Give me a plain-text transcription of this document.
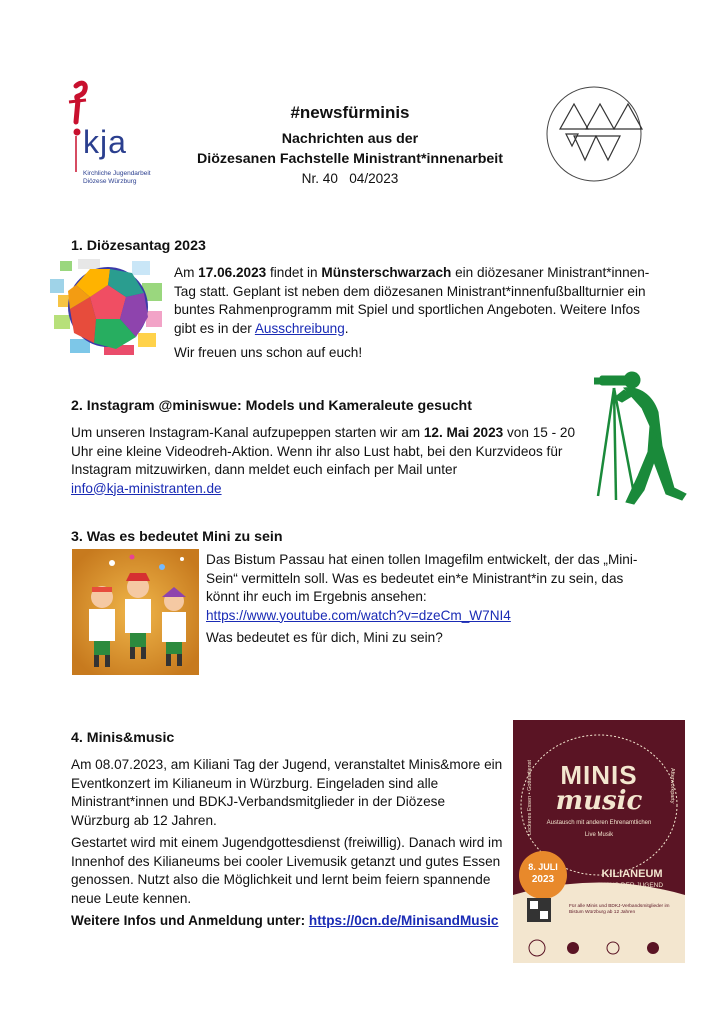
kja
Kirchliche Jugendarbeit
Diözese Würzburg
#newsfürminis
Nachrichten aus der
Diözesanen Fachstelle Ministrant*innenarbeit
Nr. 40   04/2023
1. Diözesantag 2023

Am 17.06.2023 findet in Münsterschwarzach ein diözesaner Ministrant*innen-Tag statt. Geplant ist neben dem diözesanen Ministrant*innenfußballturnier ein buntes Rahmenprogramm mit Spiel und sportlichen Angeboten. Weitere Infos gibt es in der Ausschreibung.

Wir freuen uns schon auf euch!

2. Instagram @miniswue: Models und Kameraleute gesucht

Um unseren Instagram-Kanal aufzupeppen starten wir am 12. Mai 2023 von 15 - 20 Uhr eine kleine Videodreh-Aktion. Wenn ihr also Lust habt, bei den Kurzvideos für Instagram mitzuwirken, dann meldet euch einfach per Mail unter
info@kja-ministranten.de

3. Was es bedeutet Mini zu sein

Das Bistum Passau hat einen tollen Imagefilm entwickelt, der das „Mini-Sein“ vermitteln soll. Was es bedeutet ein*e Ministrant*in zu sein, das könnt ihr euch im Ergebnis ansehen:
https://www.youtube.com/watch?v=dzeCm_W7NI4

Was bedeutet es für dich, Mini zu sein?

4. Minis&music

Am 08.07.2023, am Kiliani Tag der Jugend, veranstaltet Minis&more ein Eventkonzert im Kilianeum in Würzburg. Eingeladen sind alle Ministrant*innen und BDKJ-Verbandsmitglieder in der Diözese Würzburg ab 12 Jahren.

Gestartet wird mit einem Jugendgottesdienst (freiwillig). Danach wird im Innenhof des Kilianeums bei cooler Livemusik getanzt und gutes Essen genossen. Nutzt also die Möglichkeit und lernt beim feiern spannende neue Leute kennen.

Weitere Infos und Anmeldung unter: https://0cn.de/MinisandMusic

MINIS
music
Austausch mit anderen Ehrenamtlichen
Leckeres Essen • Gottesdienst	Afterworkparty
Live Musik
8. JULI
2023	KILIANEUM
HAUS DER JUGEND
Für alle Minis und BDKJ-Verbandsmitglieder im Bistum Würzburg ab 12 Jahren
